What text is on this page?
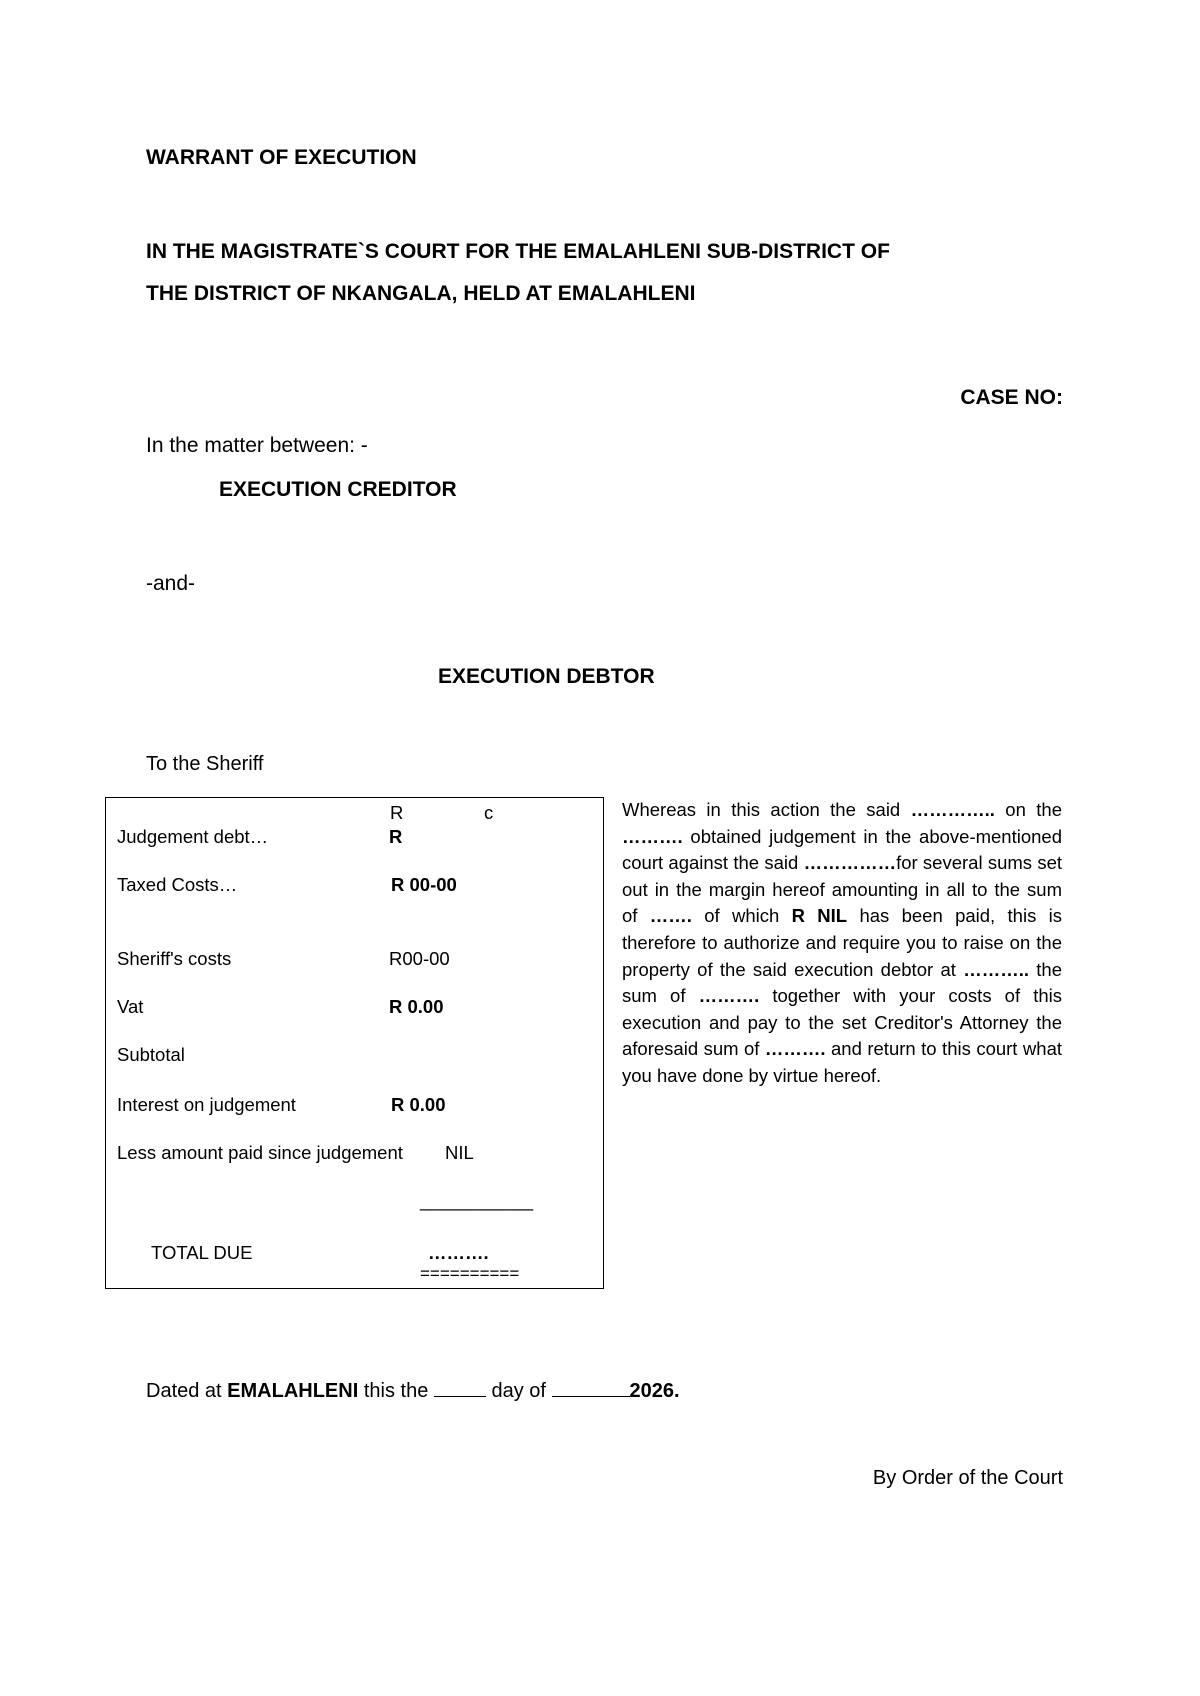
WARRANT OF EXECUTION
IN THE MAGISTRATE`S COURT FOR THE EMALAHLENI SUB-DISTRICT OF
THE DISTRICT OF NKANGALA, HELD AT EMALAHLENI
CASE NO:
In the matter between: -
EXECUTION CREDITOR
-and-
EXECUTION DEBTOR
To the Sheriff
R	c
Judgement debt…	R
Taxed Costs…	R 00-00
Sheriff's costs	R00-00
Vat	R 0.00
Subtotal
Interest on judgement	R 0.00
Less amount paid since judgement NIL
___________
TOTAL DUE	……….
==========
Whereas in this action the said ………….. on the ………. obtained judgement in the above-mentioned court against the said ……………for several sums set out in the margin hereof amounting in all to the sum of ……. of which R NIL has been paid, this is therefore to authorize and require you to raise on the property of the said execution debtor at ……….. the sum of ………. together with your costs of this execution and pay to the set Creditor's Attorney the aforesaid sum of ………. and return to this court what you have done by virtue hereof.
Dated at EMALAHLENI this the	day of	2026.
By Order of the Court
